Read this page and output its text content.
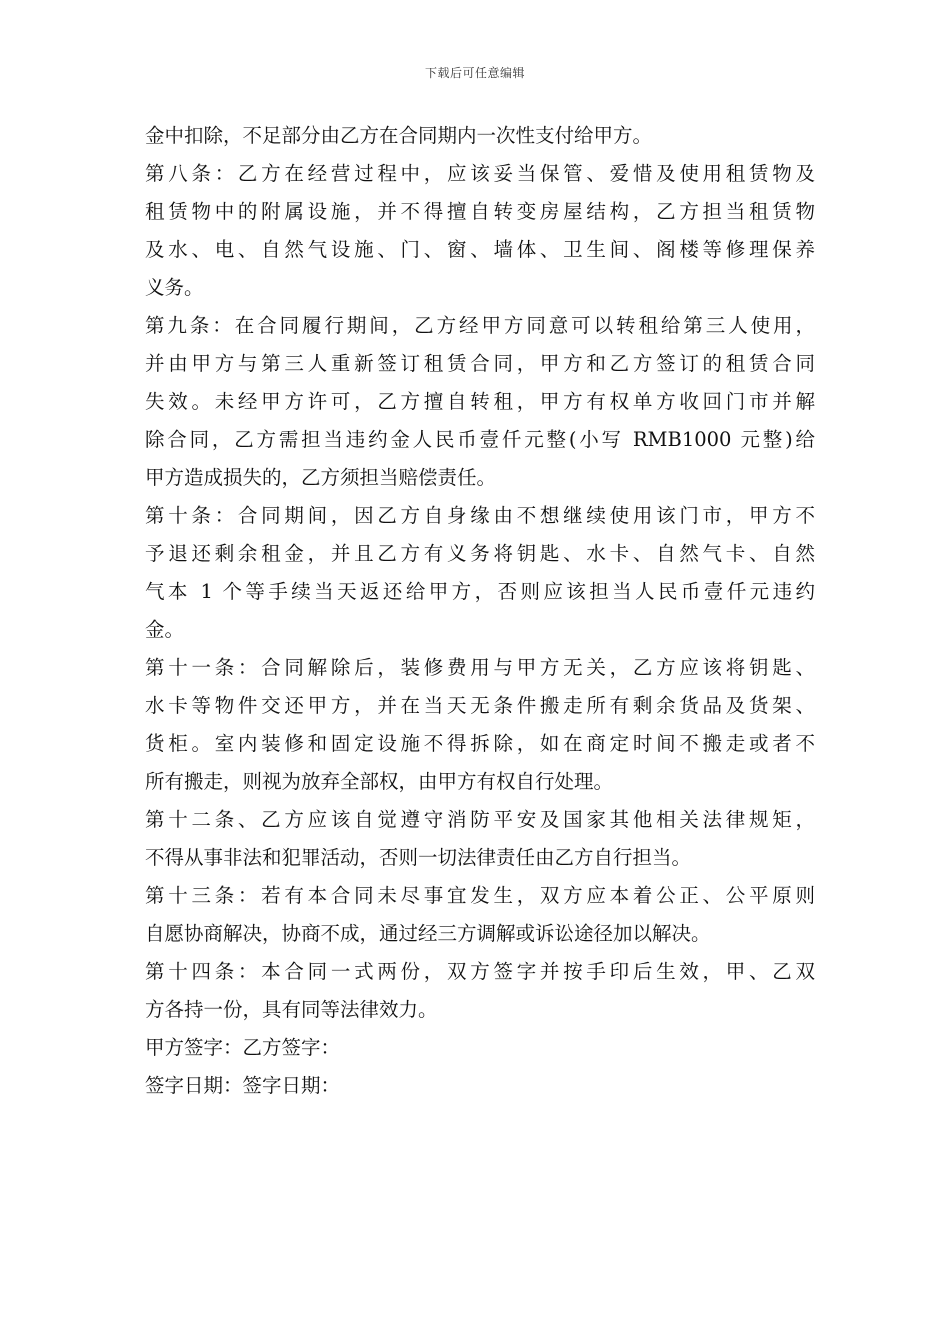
下载后可任意编辑
金中扣除，不足部分由乙方在合同期内一次性支付给甲方。
第八条：乙方在经营过程中，应该妥当保管、爱惜及使用租赁物及
租赁物中的附属设施，并不得擅自转变房屋结构，乙方担当租赁物
及水、电、自然气设施、门、窗、墙体、卫生间、阁楼等修理保养
义务。
第九条：在合同履行期间，乙方经甲方同意可以转租给第三人使用，
并由甲方与第三人重新签订租赁合同，甲方和乙方签订的租赁合同
失效。未经甲方许可，乙方擅自转租，甲方有权单方收回门市并解
除合同，乙方需担当违约金人民币壹仟元整(小写 RMB1000 元整)给
甲方造成损失的，乙方须担当赔偿责任。
第十条：合同期间，因乙方自身缘由不想继续使用该门市，甲方不
予退还剩余租金，并且乙方有义务将钥匙、水卡、自然气卡、自然
气本 1 个等手续当天返还给甲方，否则应该担当人民币壹仟元违约
金。
第十一条：合同解除后，装修费用与甲方无关，乙方应该将钥匙、
水卡等物件交还甲方，并在当天无条件搬走所有剩余货品及货架、
货柜。室内装修和固定设施不得拆除，如在商定时间不搬走或者不
所有搬走，则视为放弃全部权，由甲方有权自行处理。
第十二条、乙方应该自觉遵守消防平安及国家其他相关法律规矩，
不得从事非法和犯罪活动，否则一切法律责任由乙方自行担当。
第十三条：若有本合同未尽事宜发生，双方应本着公正、公平原则
自愿协商解决，协商不成，通过经三方调解或诉讼途径加以解决。
第十四条：本合同一式两份，双方签字并按手印后生效，甲、乙双
方各持一份，具有同等法律效力。
甲方签字：乙方签字：
签字日期：签字日期：
